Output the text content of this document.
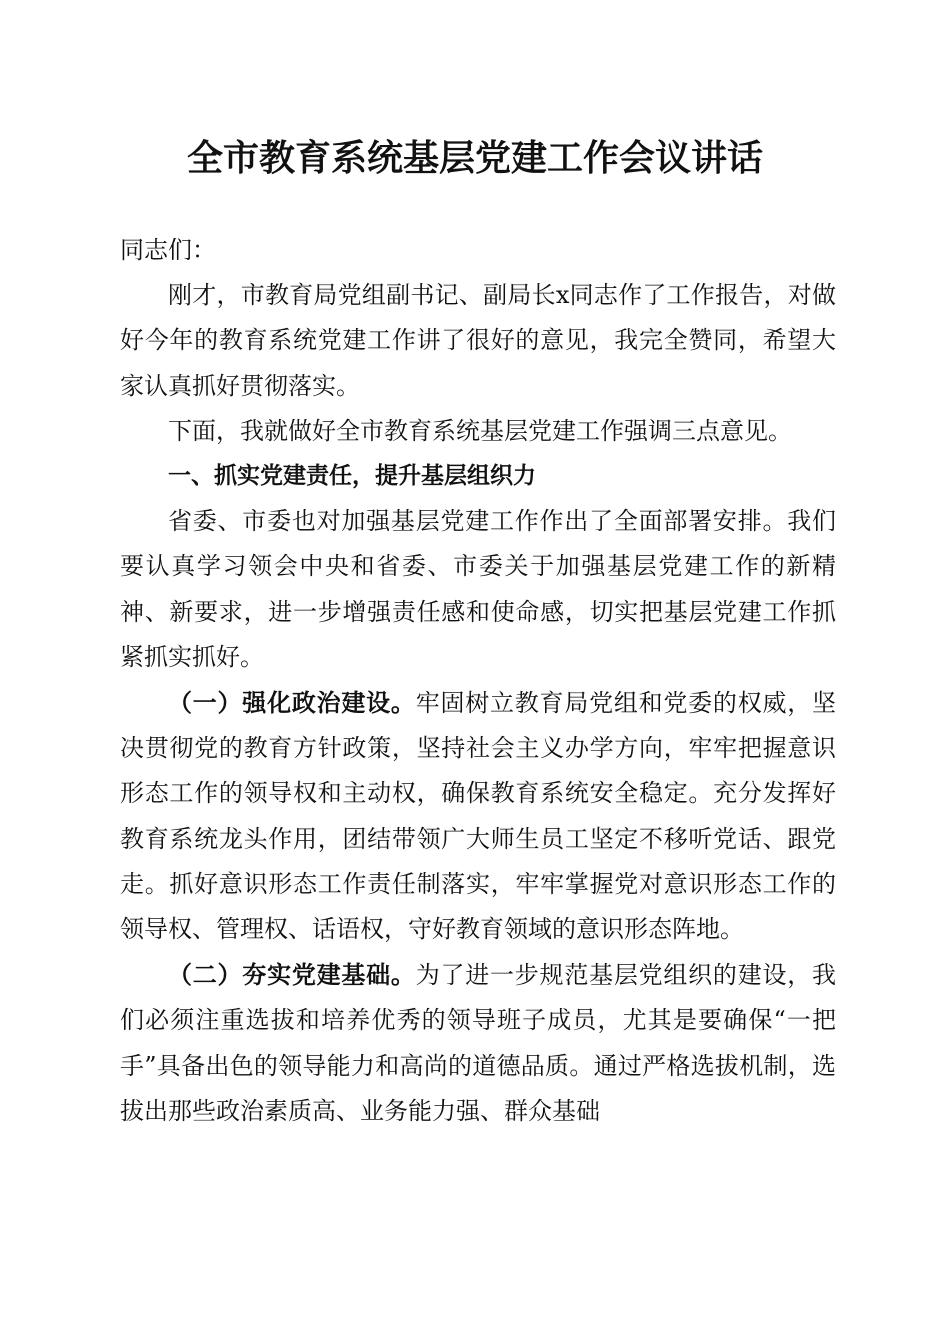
全市教育系统基层党建工作会议讲话

同志们：

刚才，市教育局党组副书记、副局长x同志作了工作报告，对做好今年的教育系统党建工作讲了很好的意见，我完全赞同，希望大家认真抓好贯彻落实。

下面，我就做好全市教育系统基层党建工作强调三点意见。

一、抓实党建责任，提升基层组织力

省委、市委也对加强基层党建工作作出了全面部署安排。我们要认真学习领会中央和省委、市委关于加强基层党建工作的新精神、新要求，进一步增强责任感和使命感，切实把基层党建工作抓紧抓实抓好。

（一）强化政治建设。牢固树立教育局党组和党委的权威，坚决贯彻党的教育方针政策，坚持社会主义办学方向，牢牢把握意识形态工作的领导权和主动权，确保教育系统安全稳定。充分发挥好教育系统龙头作用，团结带领广大师生员工坚定不移听党话、跟党走。抓好意识形态工作责任制落实，牢牢掌握党对意识形态工作的领导权、管理权、话语权，守好教育领域的意识形态阵地。

（二）夯实党建基础。为了进一步规范基层党组织的建设，我们必须注重选拔和培养优秀的领导班子成员，尤其是要确保“一把手”具备出色的领导能力和高尚的道德品质。通过严格选拔机制，选拔出那些政治素质高、业务能力强、群众基础
